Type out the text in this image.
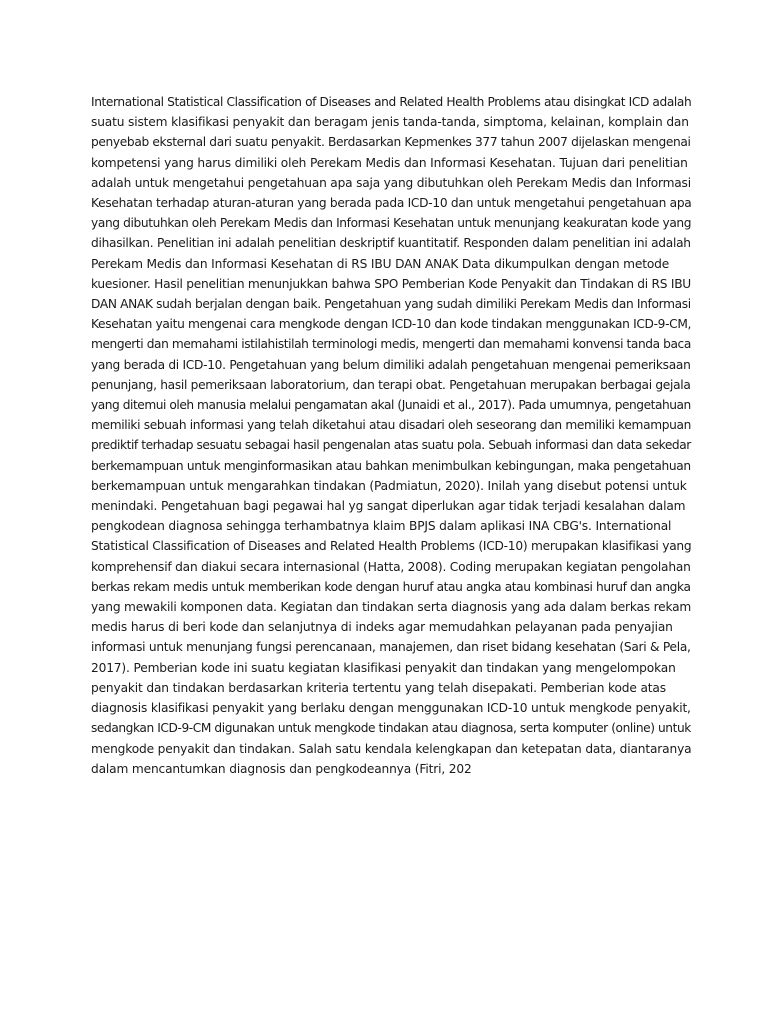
International Statistical Classification of Diseases and Related Health Problems atau disingkat ICD adalah
suatu sistem klasifikasi penyakit dan beragam jenis tanda-tanda, simptoma, kelainan, komplain dan
penyebab eksternal dari suatu penyakit. Berdasarkan Kepmenkes 377 tahun 2007 dijelaskan mengenai
kompetensi yang harus dimiliki oleh Perekam Medis dan Informasi Kesehatan. Tujuan dari penelitian
adalah untuk mengetahui pengetahuan apa saja yang dibutuhkan oleh Perekam Medis dan Informasi
Kesehatan terhadap aturan-aturan yang berada pada ICD-10 dan untuk mengetahui pengetahuan apa
yang dibutuhkan oleh Perekam Medis dan Informasi Kesehatan untuk menunjang keakuratan kode yang
dihasilkan. Penelitian ini adalah penelitian deskriptif kuantitatif. Responden dalam penelitian ini adalah
Perekam Medis dan Informasi Kesehatan di RS IBU DAN ANAK Data dikumpulkan dengan metode
kuesioner. Hasil penelitian menunjukkan bahwa SPO Pemberian Kode Penyakit dan Tindakan di RS IBU
DAN ANAK sudah berjalan dengan baik. Pengetahuan yang sudah dimiliki Perekam Medis dan Informasi
Kesehatan yaitu mengenai cara mengkode dengan ICD-10 dan kode tindakan menggunakan ICD-9-CM,
mengerti dan memahami istilahistilah terminologi medis, mengerti dan memahami konvensi tanda baca
yang berada di ICD-10. Pengetahuan yang belum dimiliki adalah pengetahuan mengenai pemeriksaan
penunjang, hasil pemeriksaan laboratorium, dan terapi obat. Pengetahuan merupakan berbagai gejala
yang ditemui oleh manusia melalui pengamatan akal (Junaidi et al., 2017). Pada umumnya, pengetahuan
memiliki sebuah informasi yang telah diketahui atau disadari oleh seseorang dan memiliki kemampuan
prediktif terhadap sesuatu sebagai hasil pengenalan atas suatu pola. Sebuah informasi dan data sekedar
berkemampuan untuk menginformasikan atau bahkan menimbulkan kebingungan, maka pengetahuan
berkemampuan untuk mengarahkan tindakan (Padmiatun, 2020). Inilah yang disebut potensi untuk
menindaki. Pengetahuan bagi pegawai hal yg sangat diperlukan agar tidak terjadi kesalahan dalam
pengkodean diagnosa sehingga terhambatnya klaim BPJS dalam aplikasi INA CBG's. International
Statistical Classification of Diseases and Related Health Problems (ICD-10) merupakan klasifikasi yang
komprehensif dan diakui secara internasional (Hatta, 2008). Coding merupakan kegiatan pengolahan
berkas rekam medis untuk memberikan kode dengan huruf atau angka atau kombinasi huruf dan angka
yang mewakili komponen data. Kegiatan dan tindakan serta diagnosis yang ada dalam berkas rekam
medis harus di beri kode dan selanjutnya di indeks agar memudahkan pelayanan pada penyajian
informasi untuk menunjang fungsi perencanaan, manajemen, dan riset bidang kesehatan (Sari & Pela,
2017). Pemberian kode ini suatu kegiatan klasifikasi penyakit dan tindakan yang mengelompokan
penyakit dan tindakan berdasarkan kriteria tertentu yang telah disepakati. Pemberian kode atas
diagnosis klasifikasi penyakit yang berlaku dengan menggunakan ICD-10 untuk mengkode penyakit,
sedangkan ICD-9-CM digunakan untuk mengkode tindakan atau diagnosa, serta komputer (online) untuk
mengkode penyakit dan tindakan. Salah satu kendala kelengkapan dan ketepatan data, diantaranya
dalam mencantumkan diagnosis dan pengkodeannya (Fitri, 202
